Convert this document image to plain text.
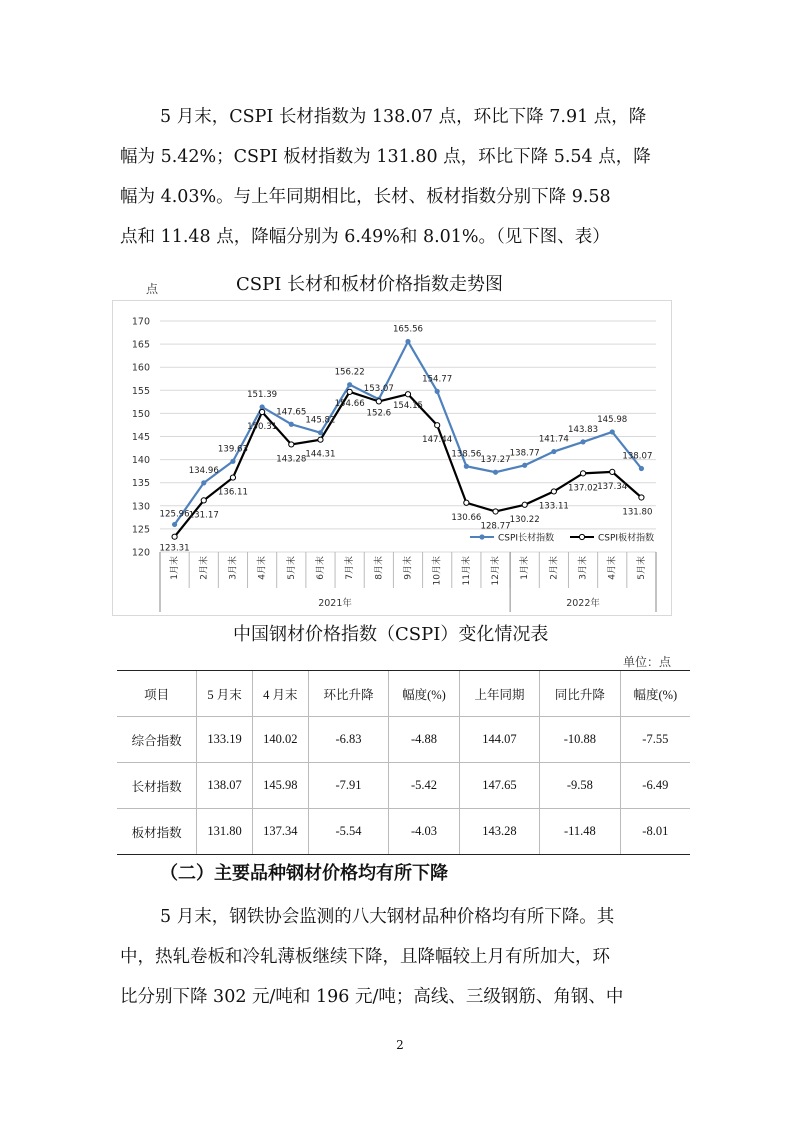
5 月末，CSPI 长材指数为 138.07 点，环比下降 7.91 点，降
幅为 5.42%；CSPI 板材指数为 131.80 点，环比下降 5.54 点，降
幅为 4.03%。与上年同期相比，长材、板材指数分别下降 9.58
点和 11.48 点，降幅分别为 6.49%和 8.01%。（见下图、表）
点	CSPI 长材和板材价格指数走势图
120
125
130
135
140
145
150
155
160
165
170
1月末 2月末 3月末 4月末 5月末 6月末 7月末 8月末 9月末 10月末 11月末 12月末 1月末 2月末 3月末 4月末 5月末
2021年	2022年
125.96
134.96
139.63
151.39
147.65
145.82
156.22
153.07
165.56
154.77
138.56
137.27
138.77
141.74
143.83
145.98
138.07
123.31
131.17
136.11
150.31
143.28 144.31
154.66
152.6
154.15
147.44
130.66
128.77
130.22
133.11
137.02 137.34
131.80
CSPI长材指数	CSPI板材指数
中国钢材价格指数（CSPI）变化情况表
单位：点
项目	5 月末	4 月末	环比升降	幅度(%)	上年同期	同比升降	幅度(%)
综合指数	133.19	140.02	-6.83	-4.88	144.07	-10.88	-7.55
长材指数	138.07	145.98	-7.91	-5.42	147.65	-9.58	-6.49
板材指数	131.80	137.34	-5.54	-4.03	143.28	-11.48	-8.01
（二）主要品种钢材价格均有所下降
5 月末，钢铁协会监测的八大钢材品种价格均有所下降。其
中，热轧卷板和冷轧薄板继续下降，且降幅较上月有所加大，环
比分别下降 302 元/吨和 196 元/吨；高线、三级钢筋、角钢、中
2
